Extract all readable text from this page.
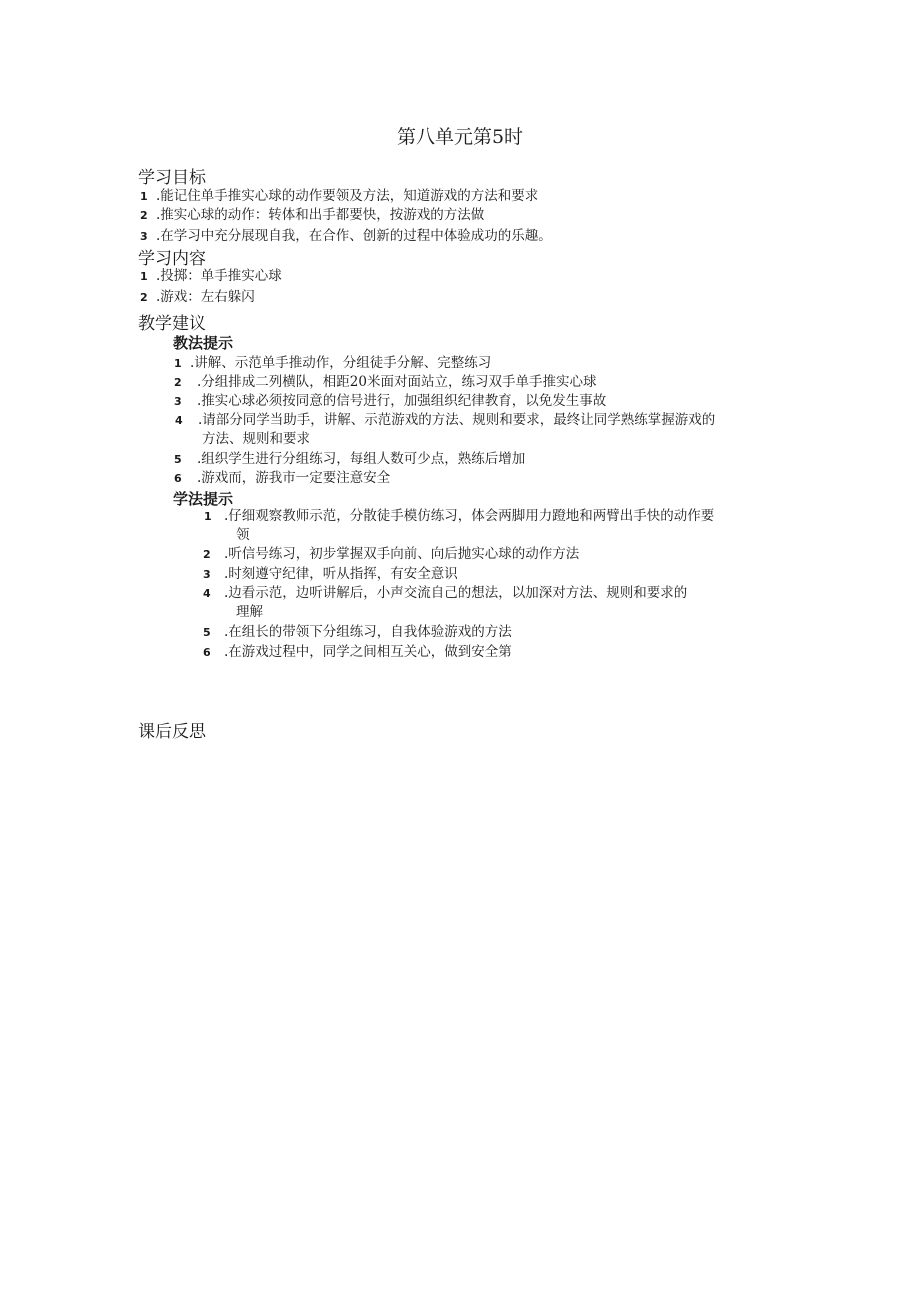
第八单元第5时
学习目标
1 .能记住单手推实心球的动作要领及方法，知道游戏的方法和要求
2 .推实心球的动作：转体和出手都要快，按游戏的方法做
3 .在学习中充分展现自我，在合作、创新的过程中体验成功的乐趣。
学习内容
1 .投掷：单手推实心球
2 .游戏：左右躲闪
教学建议
教法提示
1 .讲解、示范单手推动作，分组徒手分解、完整练习
2 .分组排成二列横队，相距20米面对面站立，练习双手单手推实心球
3 .推实心球必须按同意的信号进行，加强组织纪律教育，以免发生事故
4 .请部分同学当助手，讲解、示范游戏的方法、规则和要求，最终让同学熟练掌握游戏的
方法、规则和要求
5 .组织学生进行分组练习，每组人数可少点，熟练后增加
6 .游戏而，游我市一定要注意安全
学法提示
1 .仔细观察教师示范，分散徒手模仿练习，体会两脚用力蹬地和两臂出手快的动作要
领
2 .听信号练习，初步掌握双手向前、向后抛实心球的动作方法
3 .时刻遵守纪律，听从指挥，有安全意识
4 .边看示范，边听讲解后，小声交流自己的想法，以加深对方法、规则和要求的
理解
5 .在组长的带领下分组练习，自我体验游戏的方法
6 .在游戏过程中，同学之间相互关心，做到安全第
课后反思
